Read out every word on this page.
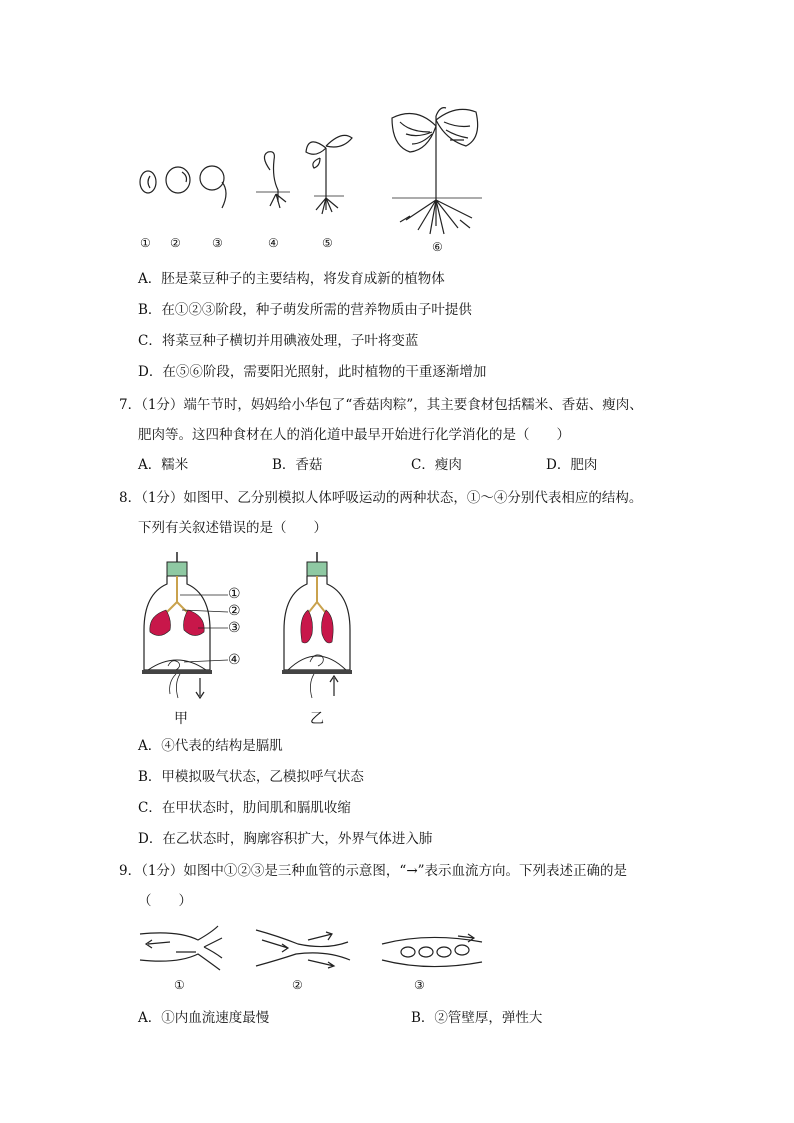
① ②	③	④	⑤	⑥
A．胚是菜豆种子的主要结构，将发育成新的植物体
B．在①②③阶段，种子萌发所需的营养物质由子叶提供
C．将菜豆种子横切并用碘液处理，子叶将变蓝
D．在⑤⑥阶段，需要阳光照射，此时植物的干重逐渐增加
7．（1分）端午节时，妈妈给小华包了“香菇肉粽”，其主要食材包括糯米、香菇、瘦肉、
肥肉等。这四种食材在人的消化道中最早开始进行化学消化的是（　　）
A．糯米	B．香菇	C．瘦肉	D．肥肉
8．（1分）如图甲、乙分别模拟人体呼吸运动的两种状态，①～④分别代表相应的结构。
下列有关叙述错误的是（　　）
①
②
③
④
甲	乙
A．④代表的结构是膈肌
B．甲模拟吸气状态，乙模拟呼气状态
C．在甲状态时，肋间肌和膈肌收缩
D．在乙状态时，胸廓容积扩大，外界气体进入肺
9．（1分）如图中①②③是三种血管的示意图，“→”表示血流方向。下列表述正确的是
（　　）
①	②	③
A．①内血流速度最慢	B．②管壁厚，弹性大
